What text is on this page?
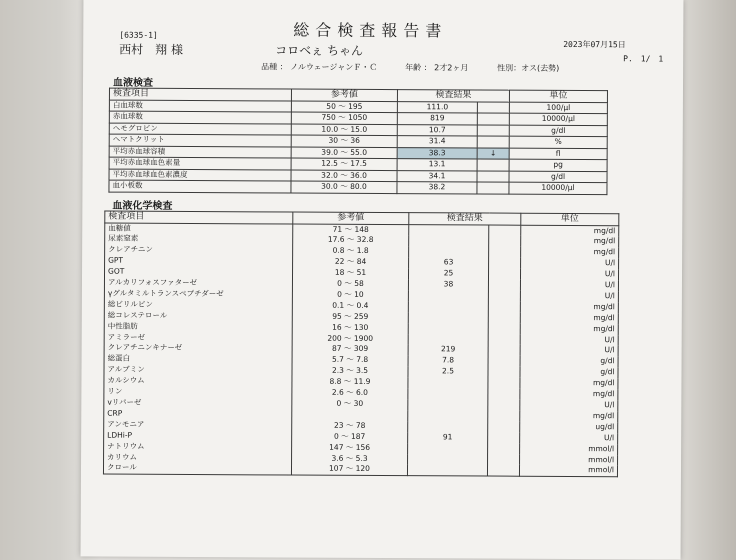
総合検査報告書
[6335-1]
西村　翔 様	コロベぇ ちゃん	2023年07月15日
P.　1/　1
品種 ： ノルウェージャンＦ・Ｃ	年齢 ： 2才2ヶ月	性別：オス(去勢)
血液検査
検査項目	参考値	検査結果		単位
白血球数	50 ～ 195	111.0		100/μl
赤血球数	750 ～ 1050	819		10000/μl
ヘモグロビン	10.0 ～ 15.0	10.7		g/dl
ヘマトクリット	30 ～ 36	31.4		%
平均赤血球容積	39.0 ～ 55.0	38.3	↓	fl
平均赤血球血色素量	12.5 ～ 17.5	13.1		pg
平均赤血球血色素濃度	32.0 ～ 36.0	34.1		g/dl
血小板数	30.0 ～ 80.0	38.2		10000/μl
血液化学検査
検査項目	参考値	検査結果		単位
血糖値	71 ～ 148			mg/dl
尿素窒素	17.6 ～ 32.8			mg/dl
クレアチニン	0.8 ～ 1.8			mg/dl
GPT	22 ～ 84	63		U/l
GOT	18 ～ 51	25		U/l
アルカリフォスファターゼ	0 ～ 58	38		U/l
γグルタミルトランスペプチダーゼ	0 ～ 10			U/l
総ビリルビン	0.1 ～ 0.4			mg/dl
総コレステロール	95 ～ 259			mg/dl
中性脂肪	16 ～ 130			mg/dl
アミラーゼ	200 ～ 1900			U/l
クレアチニンキナーゼ	87 ～ 309	219		U/l
総蛋白	5.7 ～ 7.8	7.8		g/dl
アルブミン	2.3 ～ 3.5	2.5		g/dl
カルシウム	8.8 ～ 11.9			mg/dl
リン	2.6 ～ 6.0			mg/dl
vリパーゼ	0 ～ 30			U/l
CRP				mg/dl
アンモニア	23 ～ 78			ug/dl
LDHi-P	0 ～ 187	91		U/l
ナトリウム	147 ～ 156			mmol/l
カリウム	3.6 ～ 5.3			mmol/l
クロール	107 ～ 120			mmol/l
